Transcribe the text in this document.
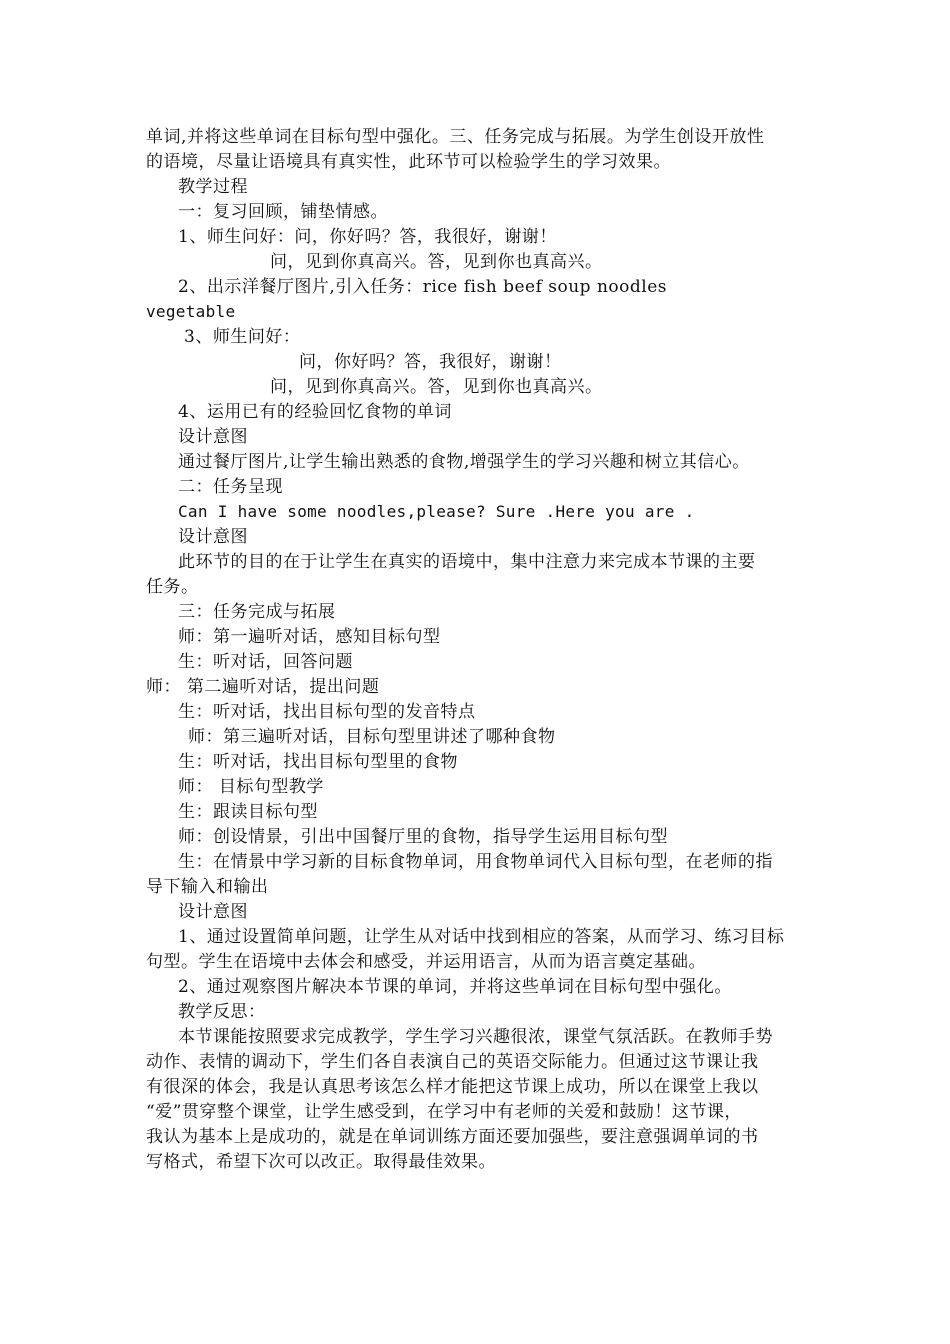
单词,并将这些单词在目标句型中强化。三、任务完成与拓展。为学生创设开放性
的语境，尽量让语境具有真实性，此环节可以检验学生的学习效果。
教学过程
一：复习回顾，铺垫情感。
1、师生问好：问，你好吗？答，我很好，谢谢！
问，见到你真高兴。答，见到你也真高兴。
2、出示洋餐厅图片,引入任务：rice fish beef soup noodles
vegetable
3、师生问好：
问，你好吗？答，我很好，谢谢！
问，见到你真高兴。答，见到你也真高兴。
4、运用已有的经验回忆食物的单词
设计意图
通过餐厅图片,让学生输出熟悉的食物,增强学生的学习兴趣和树立其信心。
二：任务呈现
Can I have some noodles,please? Sure .Here you are .
设计意图
此环节的目的在于让学生在真实的语境中，集中注意力来完成本节课的主要
任务。
三：任务完成与拓展
师：第一遍听对话，感知目标句型
生：听对话，回答问题
师： 第二遍听对话，提出问题
生：听对话，找出目标句型的发音特点
师：第三遍听对话，目标句型里讲述了哪种食物
生：听对话，找出目标句型里的食物
师： 目标句型教学
生：跟读目标句型
师：创设情景，引出中国餐厅里的食物，指导学生运用目标句型
生：在情景中学习新的目标食物单词，用食物单词代入目标句型，在老师的指
导下输入和输出
设计意图
1、通过设置简单问题，让学生从对话中找到相应的答案，从而学习、练习目标
句型。学生在语境中去体会和感受，并运用语言，从而为语言奠定基础。
2、通过观察图片解决本节课的单词，并将这些单词在目标句型中强化。
教学反思：
本节课能按照要求完成教学，学生学习兴趣很浓，课堂气氛活跃。在教师手势
动作、表情的调动下，学生们各自表演自己的英语交际能力。但通过这节课让我
有很深的体会，我是认真思考该怎么样才能把这节课上成功，所以在课堂上我以
“爱”贯穿整个课堂，让学生感受到，在学习中有老师的关爱和鼓励！这节课，
我认为基本上是成功的，就是在单词训练方面还要加强些，要注意强调单词的书
写格式，希望下次可以改正。取得最佳效果。
